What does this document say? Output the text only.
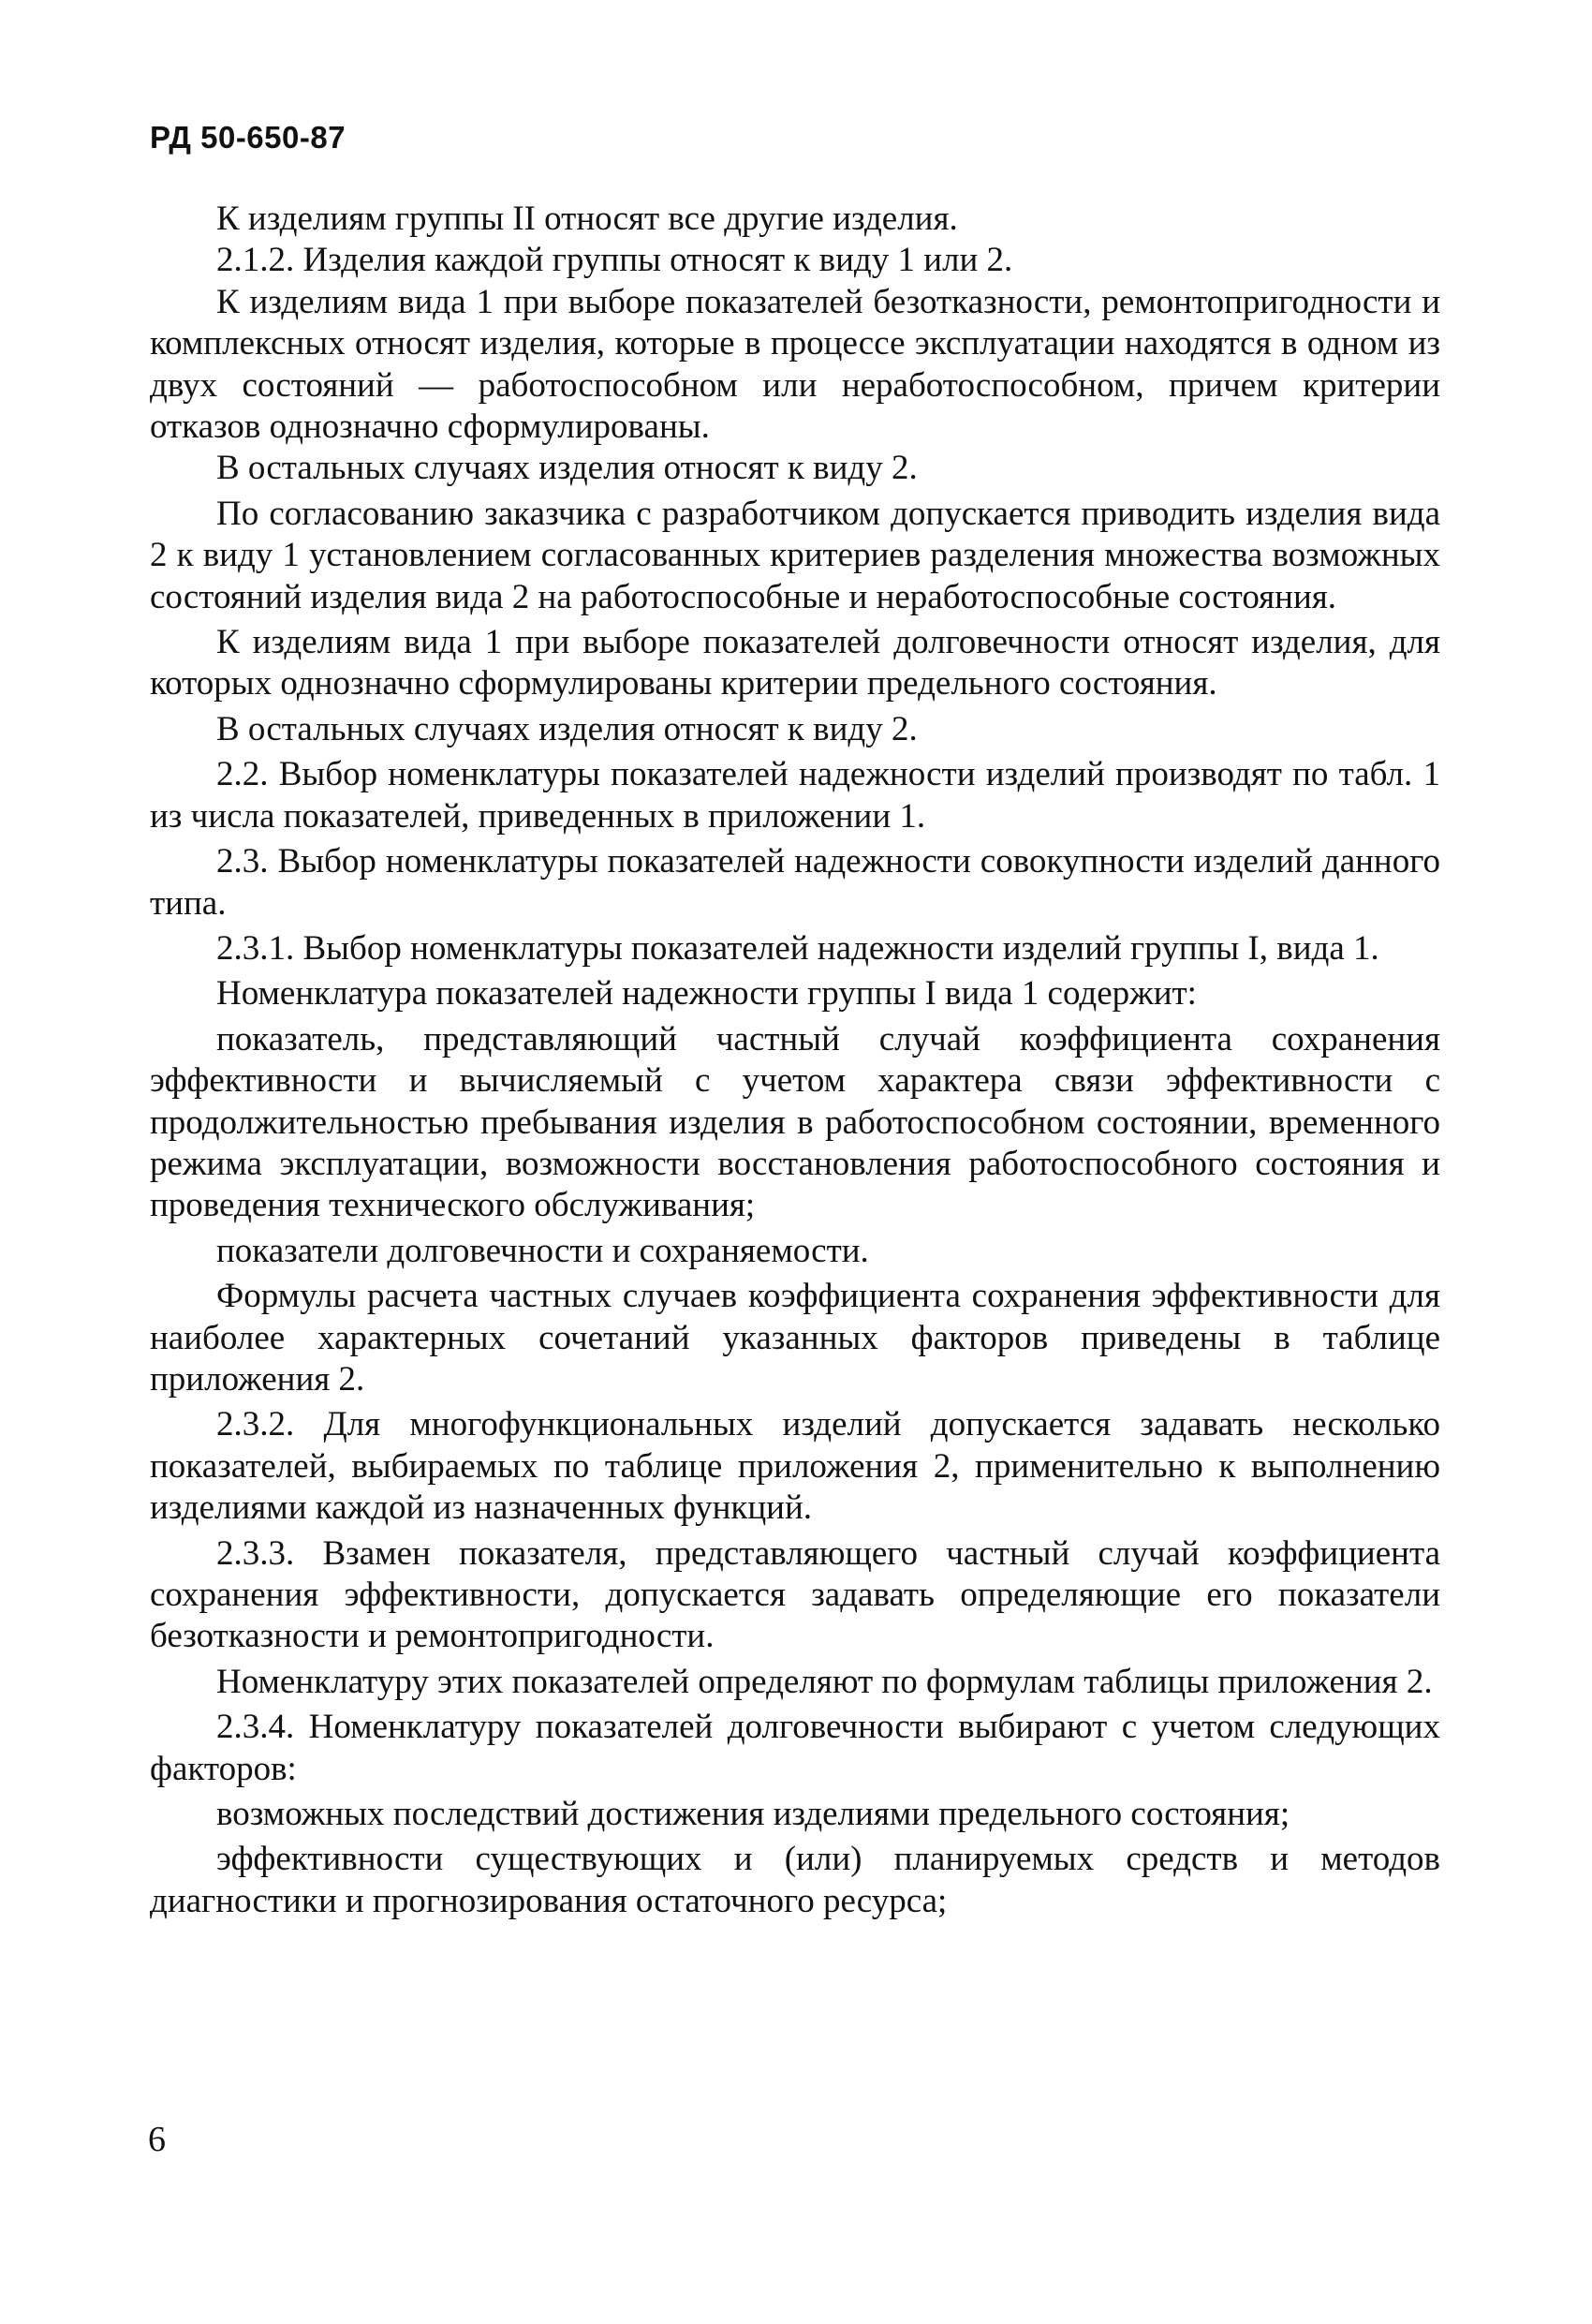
РД 50-650-87

К изделиям группы II относят все другие изделия.

2.1.2. Изделия каждой группы относят к виду 1 или 2.

К изделиям вида 1 при выборе показателей безотказности, ремонтопригодности и комплексных относят изделия, которые в процессе эксплуатации находятся в одном из двух состояний — работоспособном или неработоспособном, причем критерии отказов однозначно сформулированы.

В остальных случаях изделия относят к виду 2.

По согласованию заказчика с разработчиком допускается приводить изделия вида 2 к виду 1 установлением согласованных критериев разделения множества возможных состояний изделия вида 2 на работоспособные и неработоспособные состояния.

К изделиям вида 1 при выборе показателей долговечности относят изделия, для которых однозначно сформулированы критерии предельного состояния.

В остальных случаях изделия относят к виду 2.

2.2. Выбор номенклатуры показателей надежности изделий производят по табл. 1 из числа показателей, приведенных в приложении 1.

2.3. Выбор номенклатуры показателей надежности совокупности изделий данного типа.

2.3.1. Выбор номенклатуры показателей надежности изделий группы I, вида 1.

Номенклатура показателей надежности группы I вида 1 содержит:

показатель, представляющий частный случай коэффициента сохранения эффективности и вычисляемый с учетом характера связи эффективности с продолжительностью пребывания изделия в работоспособном состоянии, временного режима эксплуатации, возможности восстановления работоспособного состояния и проведения технического обслуживания;

показатели долговечности и сохраняемости.

Формулы расчета частных случаев коэффициента сохранения эффективности для наиболее характерных сочетаний указанных факторов приведены в таблице приложения 2.

2.3.2. Для многофункциональных изделий допускается задавать несколько показателей, выбираемых по таблице приложения 2, применительно к выполнению изделиями каждой из назначенных функций.

2.3.3. Взамен показателя, представляющего частный случай коэффициента сохранения эффективности, допускается задавать определяющие его показатели безотказности и ремонтопригодности.

Номенклатуру этих показателей определяют по формулам таблицы приложения 2.

2.3.4. Номенклатуру показателей долговечности выбирают с учетом следующих факторов:

возможных последствий достижения изделиями предельного состояния;

эффективности существующих и (или) планируемых средств и методов диагностики и прогнозирования остаточного ресурса;

6
